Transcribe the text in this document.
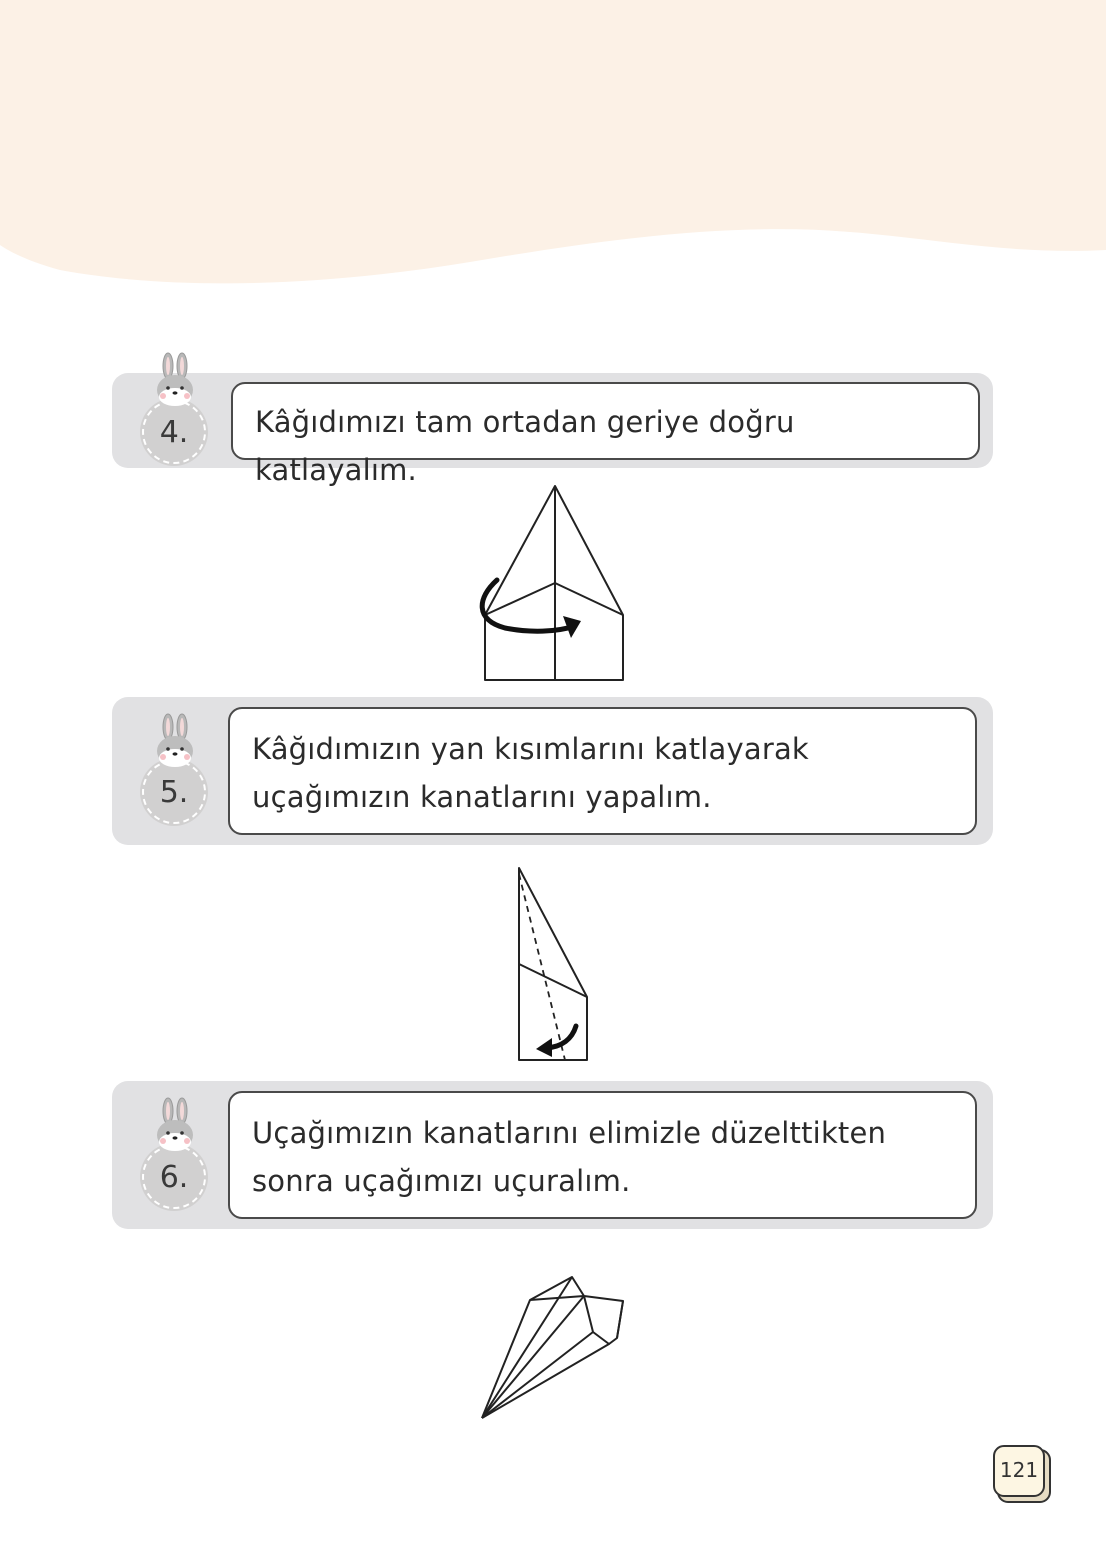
Kâğıdımızı tam ortadan geriye doğru katlayalım.
4.
Kâğıdımızın yan kısımlarını katlayarak uçağımızın kanatlarını yapalım.
5.
Uçağımızın kanatlarını elimizle düzelttikten sonra uçağımızı uçuralım.
6.
121
